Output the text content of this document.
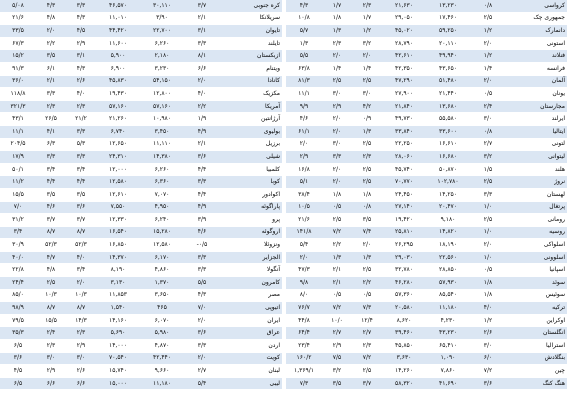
۵/۰۸	۴/۳	۳/۳	۴۶,۵۷۰	۳۰,۱۱۰	۳/۷	کره جنوبی
۲۱/۶	۴/۸	۴/۳	۱۱,۰۱۰	۳/۹۰	۲/۱	سریلانکا
۳۳/۵	۲/۰	۴/۵	۴۴,۴۲۰	۲۲,۷۰۰	۳/۱	تایوان
۶۷/۳	۲/۲	۲/۹	۱۱,۶۰۰	۶,۲۶۰	۳/۳	تایلند
۱۵/۲	۳/۵	۳/۱	۵,۹۰۰	۲,۱۸۰	۸/۱	ازبکستان
۹۱/۳	۶/۱	۴/۳	۶,۹۰۰	۳,۲۳۰	۶/۶	ویتنام
۳۶/۰	۲/۱	۲/۶	۴۵,۸۳۰	۵۴,۱۵۰	۲/۰	کانادا
۱۱۸/۸	۳/۳	۴/۰	۱۹,۴۳۰	۱۲,۸۰۰	۴/۰	مکزیک
۳۲۱/۳	۲/۳	۲/۳	۵۷,۱۶۰	۵۷,۱۶۰	۲/۲	آمریکا
۴۳/۱	۲۶/۵	۲۱/۲	۲۱,۲۶۰	۱۰,۹۸۰	۱/۹	آرژانتین
۱۱/۱	۴/۱	۳/۳	۶,۷۴۰	۳,۴۵۰	۴/۹	بولیوی
۲۰۴/۵	۶/۳	۵/۳	۱۲,۶۵۰	۱۱,۱۱۰	۲/۱	برزیل
۱۷/۹	۳/۳	۳/۳	۲۴,۳۱۰	۱۴,۳۸۰	۳/۶	شیلی
۵۰/۱	۳/۴	۳/۴	۱۲,۰۰۰	۶,۲۶۰	۴/۴	کلمبیا
۱۱/۲	۴/۴	۴/۴	۱۲,۵۸۰	۶,۳۶۰	۳/۳	کوبا
۱۵/۵	۳/۵	۳/۵	۱۲,۶۱۰	۷,۰۷۰	۴/۴	اکوادور
۷/۰	۴/۶	۳/۶	۷,۵۵۰	۴,۹۵۰	۴/۹	پاراگوئه
۳۱/۲	۳/۷	۳/۷	۱۲,۳۳۰	۶,۲۴۰	۳/۹	پرو
۳/۴	۸/۷	۸/۷	۱۶,۵۴۰	۱۵,۲۸۰	۴/۶	اروگوئه
۳۰/۹	۵۲/۳	۵۲/۳	۱۶,۸۵۰	۱۲,۵۸۰	-۰/۵	ونزوئلا
۴۰/۰	۴/۷	۴/۰	۱۴,۳۷۰	۶,۱۷۰	۳/۳	الجزایر
۲۲/۸	۴/۸	۳/۴	۸,۱۹۰	۴,۸۶۰	۳/۳	آنگولا
۲۴/۴	۲/۵	۲/۰	۳,۱۳۰	۱,۳۷۰	۵/۵	کامرون
۸۵/۰	۱۰/۳	۱۰/۳	۱۱,۸۵۳	۳,۶۵۰	۴/۳	مصر
۹۸/۹	۸/۷	۸/۷	۱,۵۴۰	۴۶۵	۷/۰	اتیوپی
۷۹/۵	۱۵/۵	۱۴/۳	۱۴,۱۶۰	۶,۰۷۰	۲/۰	ایران
۳۵/۳	۲/۴	۲/۳	۵,۶۹۰	۵,۹۸۰	۳/۶	عراق
۶/۵	۲/۳	۲/۹	۱۴,۰۰۰	۴,۸۷۰	۳/۳	اردن
۳/۶	۳/۰	۳/۰	۷۰,۵۴۰	۴۲,۴۴۰	۲/۰	کویت
۴/۵	۲/۹	۲/۶	۱۵,۷۴۰	۹,۶۶۰	۲/۷	لبنان
۶/۵	۶/۶	۶/۶	۱۵,۰۰۰	۱۱,۱۸۰	۵/۴	لیبی
۴/۳	۱/۷	۲/۳	۲۱,۶۳۰	۱۳,۲۳۰	۰/۸	کرواسی
۱۰/۸	۱/۸	۱/۷	۲۹,۰۵۰	۱۷,۴۶۰	۲/۵	جمهوری چک
۵/۷	۱/۳	۱/۲	۴۵,۰۲۰	۵۹,۲۵۰	۱/۲	دانمارک
۱/۳	۲/۳	۳/۲	۲۸,۷۹۰	۲۰,۱۱۰	۲/۰	استونی
۵/۵	۲/۰	۲/۰	۴۲,۶۱۰	۴۹,۹۴۰	۱/۲	فنلاند
۶۳/۸	۱/۴	۱/۴	۴۲,۳۵۰	۴۳,۶۵۰	۱/۴	فرانسه
۸۱/۳	۲/۵	۲/۵	۴۷,۲۹۰	۵۱,۴۸۰	۲/۰	آلمان
۱۱/۱	۳/۰	۳/۰	۲۷,۹۰۰	۲۱,۴۴۰	۰/۵	یونان
۹/۹	۲/۹	۴/۲	۲۱,۸۴۰	۱۳,۶۸۰	۲/۴	مجارستان
۴/۶	۲/۰	۰/۹	۴۹,۷۳۰	۵۵,۵۸۰	۳/۰	ایرلند
۶۱/۱	۲/۰	۱/۳	۳۳,۸۴۰	۳۳,۶۰۰	۰/۸	ایتالیا
۲/۰	۳/۰	۲/۵	۲۲,۲۵۰	۱۶,۶۱۰	۲/۷	لتونی
۲/۹	۳/۳	۲/۳	۲۸,۰۶۰	۱۶,۶۸۰	۳/۲	لیتوانی
۱۶/۸	۲/۰	۲/۵	۴۵,۷۴۰	۵۰,۸۷۰	۱/۵	هلند
۵/۱	۲/۰	۲/۵	۷۰,۷۷۰	۱۰۲,۷۸۰	۲/۵	نروژ
۳۸/۴	۱/۸	۱/۸	۲۴,۴۵۰	۱۴,۲۵۰	۳/۳	لهستان
۱۰/۵	۰/۵	۰/۸	۲۷,۱۴۰	۲۰,۴۷۰	۱/۰	پرتغال
۲۱/۶	۲/۵	۳/۵	۱۹,۴۲۰	۹,۱۸۰	۲/۵	رومانی
۱۴۱/۸	۷/۲	۷/۴	۲۵,۸۱۰	۱۴,۸۲۰	۱/۰	روسیه
۵/۴	۲/۲	۲/۰	۲۶,۲۹۵	۱۸,۱۹۰	۲/۰	اسلواکی
۲/۰	۱/۳	۱/۳	۲۹,۰۳۰	۲۲,۵۶۰	۱/۰	اسلوونی
۴۷/۳	۲/۱	۲/۵	۳۲,۷۸۰	۲۸,۸۵۰	۰/۵	اسپانیا
۹/۸	۲/۱	۲/۲	۴۶,۲۸۰	۵۷,۹۳۰	۱/۸	سوئد
۸/۰	۰/۵	۰/۵	۵۷,۳۶۰	۸۵,۵۴۰	۱/۸	سوئیس
۷۶/۷	۷/۲	۷/۳	۲۰,۵۸۰	۱۱,۱۸۰	۴/۰	ترکیه
۴۴/۸	۱۰/۰	۱۲/۴	۸,۶۲۰	۴,۲۳۰	۱/۲	اوکراین
۶۴/۴	۲/۷	۲/۷	۳۹,۴۶۰	۴۳,۲۳۰	۲/۶	انگلستان
۲۳/۴	۲/۹	۲/۳	۴۵,۸۵۰	۶۵,۴۱۰	۳/۰	استرالیا
۱۶۰/۲	۷/۵	۷/۲	۳,۶۳۰	۱,۰۹۰	۶/۰	بنگلادش
۱,۳۶۹/۱	۳/۲	۲/۵	۱۴,۲۶۰	۷,۸۶۰	۷/۲	چین
۷/۳	۳/۵	۳/۷	۵۸,۳۲۰	۴۱,۶۹۰	۳/۶	هنگ کنگ
